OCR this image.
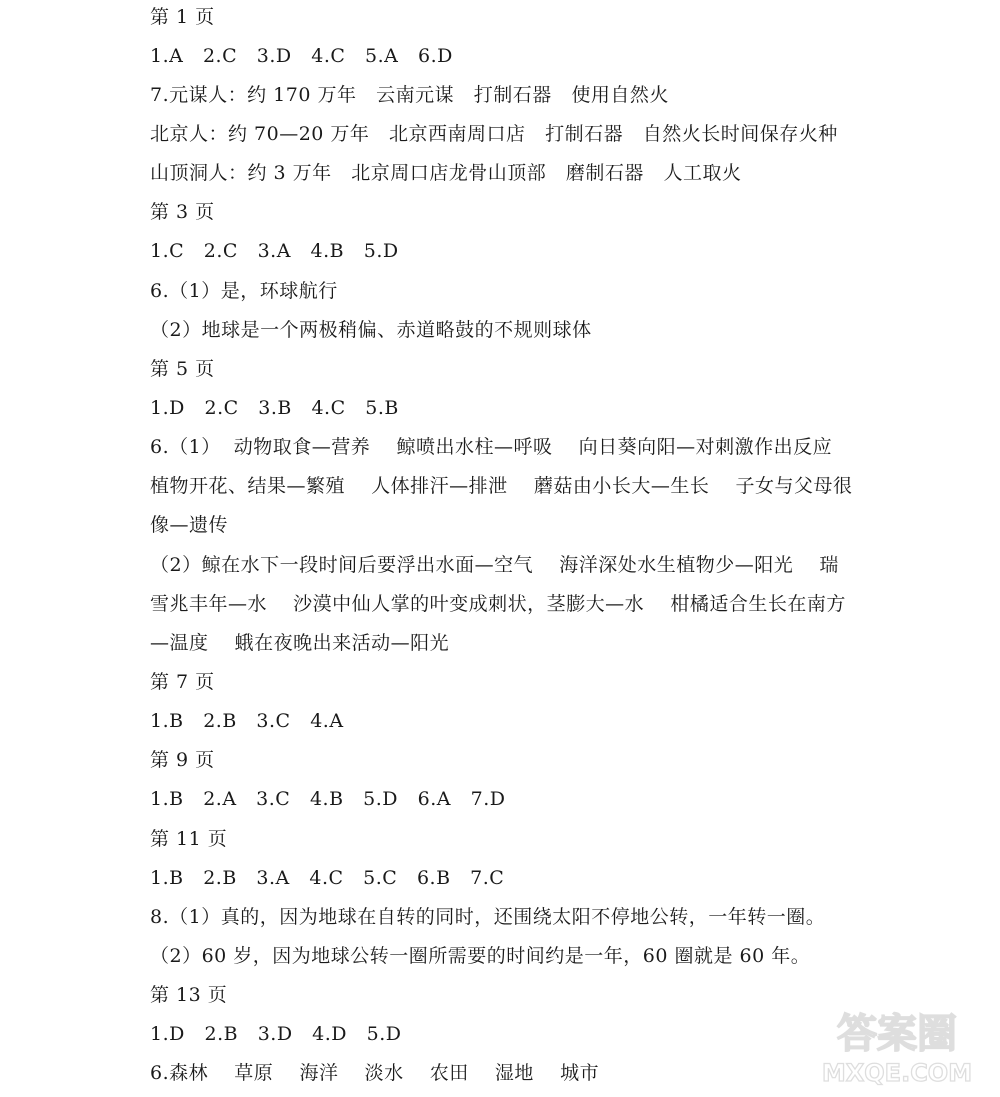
第 1 页
1.A   2.C   3.D   4.C   5.A   6.D
7.元谋人：约 170 万年   云南元谋   打制石器   使用自然火
北京人：约 70—20 万年   北京西南周口店   打制石器   自然火长时间保存火种
山顶洞人：约 3 万年   北京周口店龙骨山顶部   磨制石器   人工取火
第 3 页
1.C   2.C   3.A   4.B   5.D
6.（1）是，环球航行
（2）地球是一个两极稍偏、赤道略鼓的不规则球体
第 5 页
1.D   2.C   3.B   4.C   5.B
6.（1）  动物取食—营养    鲸喷出水柱—呼吸    向日葵向阳—对刺激作出反应
植物开花、结果—繁殖    人体排汗—排泄    蘑菇由小长大—生长    子女与父母很
像—遗传
（2）鲸在水下一段时间后要浮出水面—空气    海洋深处水生植物少—阳光    瑞
雪兆丰年—水    沙漠中仙人掌的叶变成刺状，茎膨大—水    柑橘适合生长在南方
—温度    蛾在夜晚出来活动—阳光
第 7 页
1.B   2.B   3.C   4.A
第 9 页
1.B   2.A   3.C   4.B   5.D   6.A   7.D
第 11 页
1.B   2.B   3.A   4.C   5.C   6.B   7.C
8.（1）真的，因为地球在自转的同时，还围绕太阳不停地公转，一年转一圈。
（2）60 岁，因为地球公转一圈所需要的时间约是一年，60 圈就是 60 年。
第 13 页
1.D   2.B   3.D   4.D   5.D
6.森林    草原    海洋    淡水    农田    湿地    城市
答案圈
MXQE.COM
